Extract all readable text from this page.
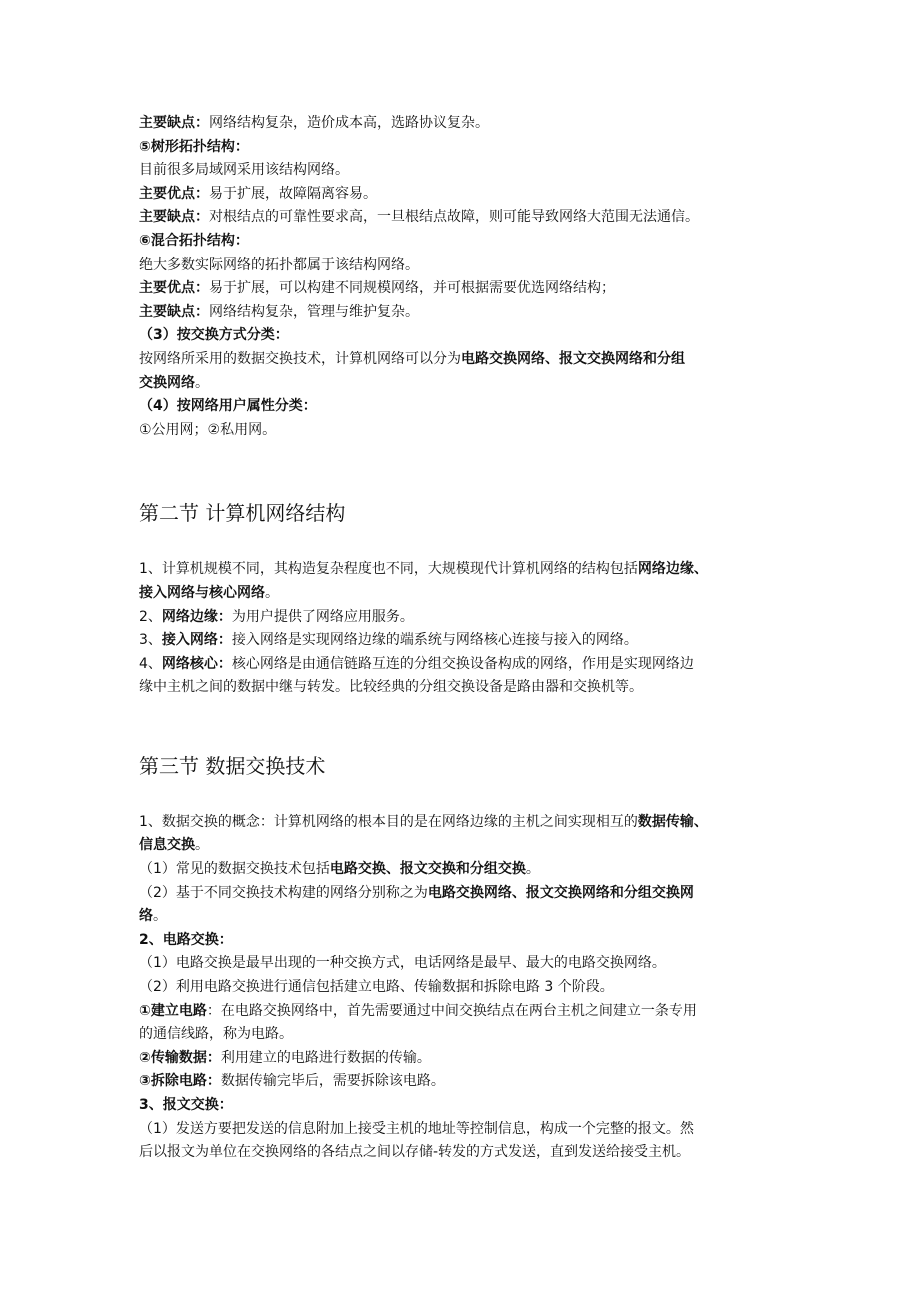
主要缺点：网络结构复杂，造价成本高，选路协议复杂。
⑤树形拓扑结构：
目前很多局域网采用该结构网络。
主要优点：易于扩展，故障隔离容易。
主要缺点：对根结点的可靠性要求高，一旦根结点故障，则可能导致网络大范围无法通信。
⑥混合拓扑结构：
绝大多数实际网络的拓扑都属于该结构网络。
主要优点：易于扩展，可以构建不同规模网络，并可根据需要优选网络结构；
主要缺点：网络结构复杂，管理与维护复杂。
（3）按交换方式分类：
按网络所采用的数据交换技术，计算机网络可以分为电路交换网络、报文交换网络和分组
交换网络。
（4）按网络用户属性分类：
①公用网；②私用网。
第二节 计算机网络结构
1、计算机规模不同，其构造复杂程度也不同，大规模现代计算机网络的结构包括网络边缘、
接入网络与核心网络。
2、网络边缘：为用户提供了网络应用服务。
3、接入网络：接入网络是实现网络边缘的端系统与网络核心连接与接入的网络。
4、网络核心：核心网络是由通信链路互连的分组交换设备构成的网络，作用是实现网络边
缘中主机之间的数据中继与转发。比较经典的分组交换设备是路由器和交换机等。
第三节 数据交换技术
1、数据交换的概念：计算机网络的根本目的是在网络边缘的主机之间实现相互的数据传输、
信息交换。
（1）常见的数据交换技术包括电路交换、报文交换和分组交换。
（2）基于不同交换技术构建的网络分别称之为电路交换网络、报文交换网络和分组交换网
络。
2、电路交换：
（1）电路交换是最早出现的一种交换方式，电话网络是最早、最大的电路交换网络。
（2）利用电路交换进行通信包括建立电路、传输数据和拆除电路 3 个阶段。
①建立电路：在电路交换网络中，首先需要通过中间交换结点在两台主机之间建立一条专用
的通信线路，称为电路。
②传输数据：利用建立的电路进行数据的传输。
③拆除电路：数据传输完毕后，需要拆除该电路。
3、报文交换：
（1）发送方要把发送的信息附加上接受主机的地址等控制信息，构成一个完整的报文。然
后以报文为单位在交换网络的各结点之间以存储-转发的方式发送，直到发送给接受主机。
